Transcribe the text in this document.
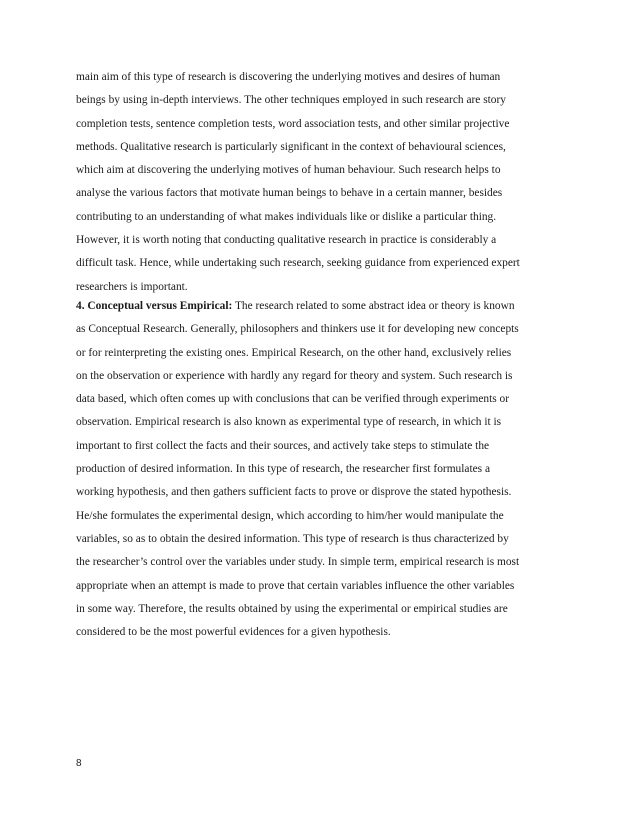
main aim of this type of research is discovering the underlying motives and desires of human
beings by using in-depth interviews. The other techniques employed in such research are story
completion tests, sentence completion tests, word association tests, and other similar projective
methods. Qualitative research is particularly significant in the context of behavioural sciences,
which aim at discovering the underlying motives of human behaviour. Such research helps to
analyse the various factors that motivate human beings to behave in a certain manner, besides
contributing to an understanding of what makes individuals like or dislike a particular thing.
However, it is worth noting that conducting qualitative research in practice is considerably a
difficult task. Hence, while undertaking such research, seeking guidance from experienced expert
researchers is important.
4. Conceptual versus Empirical: The research related to some abstract idea or theory is known
as Conceptual Research. Generally, philosophers and thinkers use it for developing new concepts
or for reinterpreting the existing ones. Empirical Research, on the other hand, exclusively relies
on the observation or experience with hardly any regard for theory and system. Such research is
data based, which often comes up with conclusions that can be verified through experiments or
observation. Empirical research is also known as experimental type of research, in which it is
important to first collect the facts and their sources, and actively take steps to stimulate the
production of desired information. In this type of research, the researcher first formulates a
working hypothesis, and then gathers sufficient facts to prove or disprove the stated hypothesis.
He/she formulates the experimental design, which according to him/her would manipulate the
variables, so as to obtain the desired information. This type of research is thus characterized by
the researcher’s control over the variables under study. In simple term, empirical research is most
appropriate when an attempt is made to prove that certain variables influence the other variables
in some way. Therefore, the results obtained by using the experimental or empirical studies are
considered to be the most powerful evidences for a given hypothesis.
8
